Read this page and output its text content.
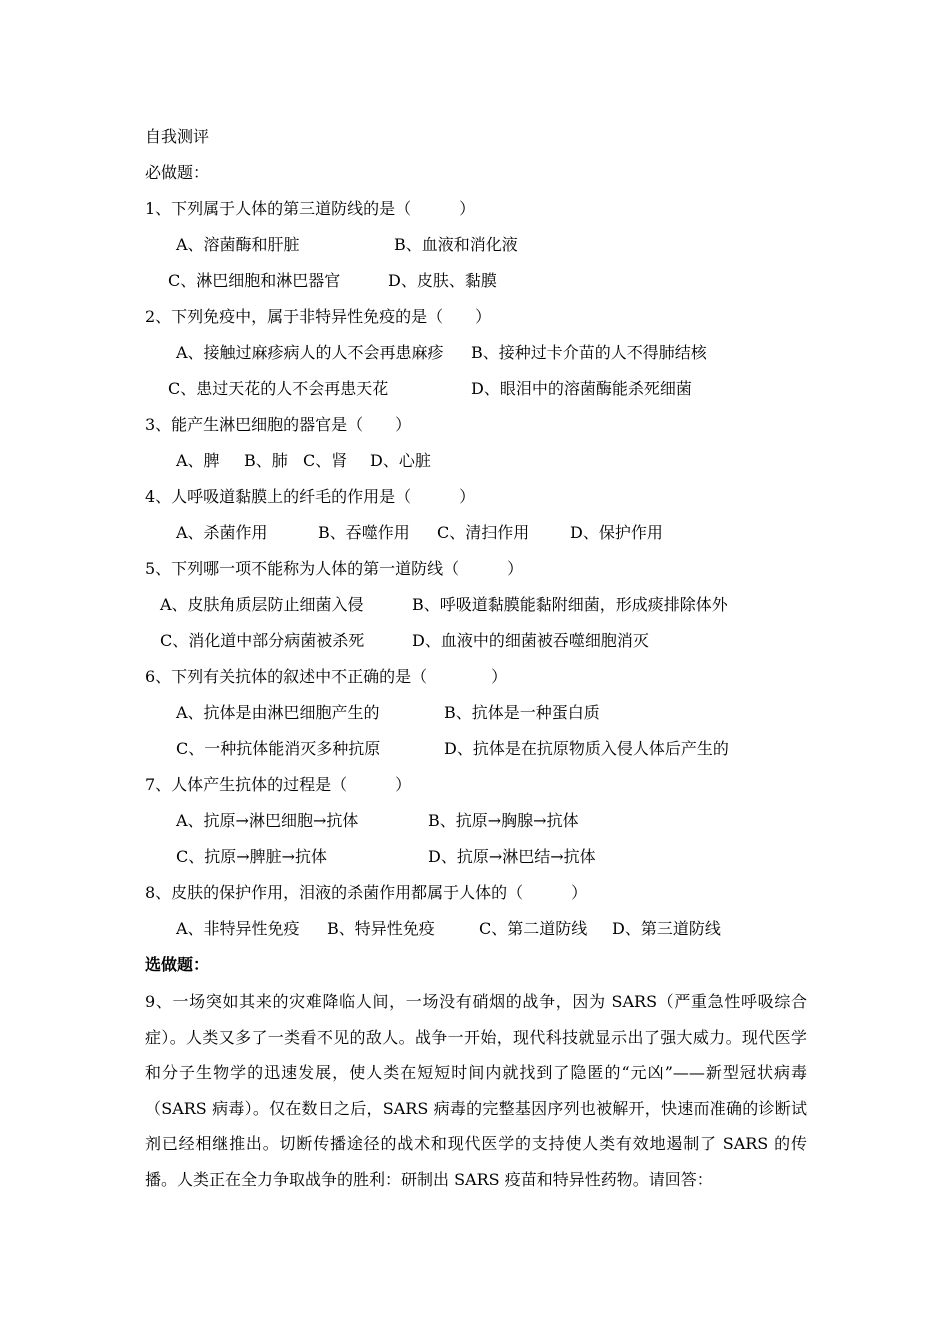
自我测评
必做题：
1、下列属于人体的第三道防线的是（　　　）
A、溶菌酶和肝脏	B、血液和消化液
C、淋巴细胞和淋巴器官	D、皮肤、黏膜
2、下列免疫中，属于非特异性免疫的是（　　）
A、接触过麻疹病人的人不会再患麻疹 B、接种过卡介苗的人不得肺结核
C、患过天花的人不会再患天花	D、眼泪中的溶菌酶能杀死细菌
3、能产生淋巴细胞的器官是（　　）
A、脾 B、肺 C、肾 D、心脏
4、人呼吸道黏膜上的纤毛的作用是（　　　）
A、杀菌作用	B、吞噬作用 C、清扫作用	D、保护作用
5、下列哪一项不能称为人体的第一道防线（　　　）
A、皮肤角质层防止细菌入侵	B、呼吸道黏膜能黏附细菌，形成痰排除体外
C、消化道中部分病菌被杀死	D、血液中的细菌被吞噬细胞消灭
6、下列有关抗体的叙述中不正确的是（　　　　）
A、抗体是由淋巴细胞产生的	B、抗体是一种蛋白质
C、一种抗体能消灭多种抗原	D、抗体是在抗原物质入侵人体后产生的
7、人体产生抗体的过程是（　　　）
A、抗原→淋巴细胞→抗体	B、抗原→胸腺→抗体
C、抗原→脾脏→抗体	D、抗原→淋巴结→抗体
8、皮肤的保护作用，泪液的杀菌作用都属于人体的（　　　）
A、非特异性免疫 B、特异性免疫	C、第二道防线 D、第三道防线
选做题：
9、一场突如其来的灾难降临人间，一场没有硝烟的战争，因为 SARS（严重急性呼吸综合症）。人类又多了一类看不见的敌人。战争一开始，现代科技就显示出了强大威力。现代医学和分子生物学的迅速发展，使人类在短短时间内就找到了隐匿的“元凶”——新型冠状病毒（SARS 病毒）。仅在数日之后，SARS 病毒的完整基因序列也被解开，快速而准确的诊断试剂已经相继推出。切断传播途径的战术和现代医学的支持使人类有效地遏制了 SARS 的传播。人类正在全力争取战争的胜利：研制出 SARS 疫苗和特异性药物。请回答：
